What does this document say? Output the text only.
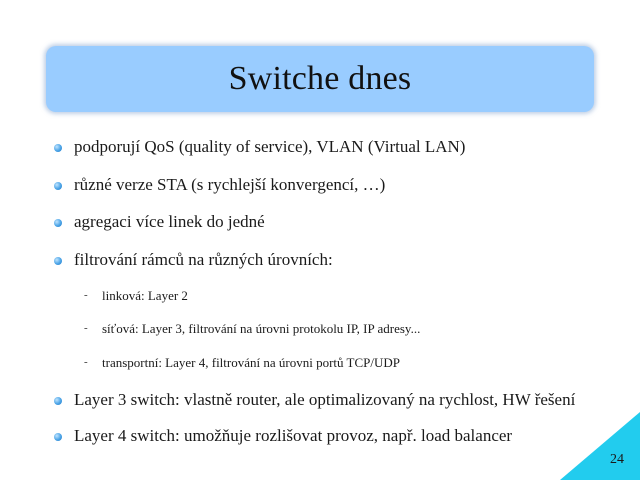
Switche dnes
podporují QoS (quality of service), VLAN (Virtual LAN)
různé verze STA (s rychlejší konvergencí, …)
agregaci více linek do jedné
filtrování rámců na různých úrovních:
- linková: Layer 2
- síťová: Layer 3, filtrování na úrovni protokolu IP, IP adresy...
- transportní: Layer 4, filtrování na úrovni portů TCP/UDP
Layer 3 switch: vlastně router, ale optimalizovaný na rychlost, HW řešení
Layer 4 switch: umožňuje rozlišovat provoz, např. load balancer
24
